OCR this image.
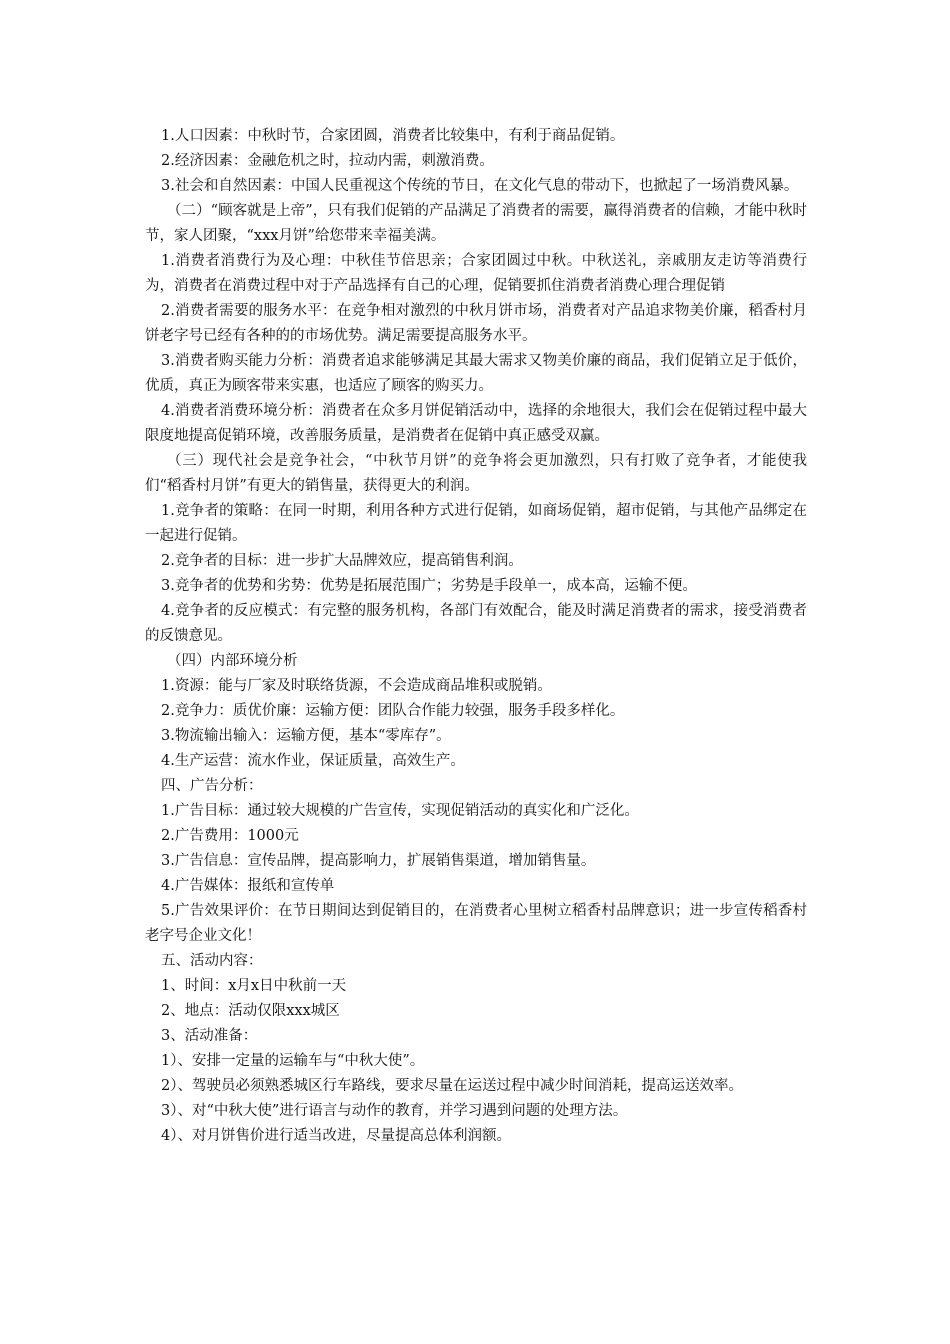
1.人口因素：中秋时节，合家团圆，消费者比较集中，有利于商品促销。

2.经济因素：金融危机之时，拉动内需，刺激消费。

3.社会和自然因素：中国人民重视这个传统的节日，在文化气息的带动下，也掀起了一场消费风暴。

（二）“顾客就是上帝”，只有我们促销的产品满足了消费者的需要，赢得消费者的信赖，才能中秋时节，家人团聚，“xxx月饼”给您带来幸福美满。

1.消费者消费行为及心理：中秋佳节倍思亲；合家团圆过中秋。中秋送礼，亲戚朋友走访等消费行为，消费者在消费过程中对于产品选择有自己的心理，促销要抓住消费者消费心理合理促销

2.消费者需要的服务水平：在竞争相对激烈的中秋月饼市场，消费者对产品追求物美价廉，稻香村月饼老字号已经有各种的的市场优势。满足需要提高服务水平。

3.消费者购买能力分析：消费者追求能够满足其最大需求又物美价廉的商品，我们促销立足于低价，优质，真正为顾客带来实惠，也适应了顾客的购买力。

4.消费者消费环境分析：消费者在众多月饼促销活动中，选择的余地很大，我们会在促销过程中最大限度地提高促销环境，改善服务质量，是消费者在促销中真正感受双赢。

（三）现代社会是竞争社会，“中秋节月饼”的竞争将会更加激烈，只有打败了竞争者，才能使我们“稻香村月饼”有更大的销售量，获得更大的利润。

1.竞争者的策略：在同一时期，利用各种方式进行促销，如商场促销，超市促销，与其他产品绑定在一起进行促销。

2.竞争者的目标：进一步扩大品牌效应，提高销售利润。

3.竞争者的优势和劣势：优势是拓展范围广；劣势是手段单一，成本高，运输不便。

4.竞争者的反应模式：有完整的服务机构，各部门有效配合，能及时满足消费者的需求，接受消费者的反馈意见。

（四）内部环境分析

1.资源：能与厂家及时联络货源，不会造成商品堆积或脱销。

2.竞争力：质优价廉：运输方便：团队合作能力较强，服务手段多样化。

3.物流输出输入：运输方便，基本“零库存”。

4.生产运营：流水作业，保证质量，高效生产。

四、广告分析：

1.广告目标：通过较大规模的广告宣传，实现促销活动的真实化和广泛化。

2.广告费用：1000元

3.广告信息：宣传品牌，提高影响力，扩展销售渠道，增加销售量。

4.广告媒体：报纸和宣传单

5.广告效果评价：在节日期间达到促销目的，在消费者心里树立稻香村品牌意识；进一步宣传稻香村老字号企业文化！

五、活动内容：

1、时间：x月x日中秋前一天

2、地点：活动仅限xxx城区

3、活动准备：

1）、安排一定量的运输车与“中秋大使”。

2）、驾驶员必须熟悉城区行车路线，要求尽量在运送过程中减少时间消耗，提高运送效率。

3）、对“中秋大使”进行语言与动作的教育，并学习遇到问题的处理方法。

4）、对月饼售价进行适当改进，尽量提高总体利润额。
